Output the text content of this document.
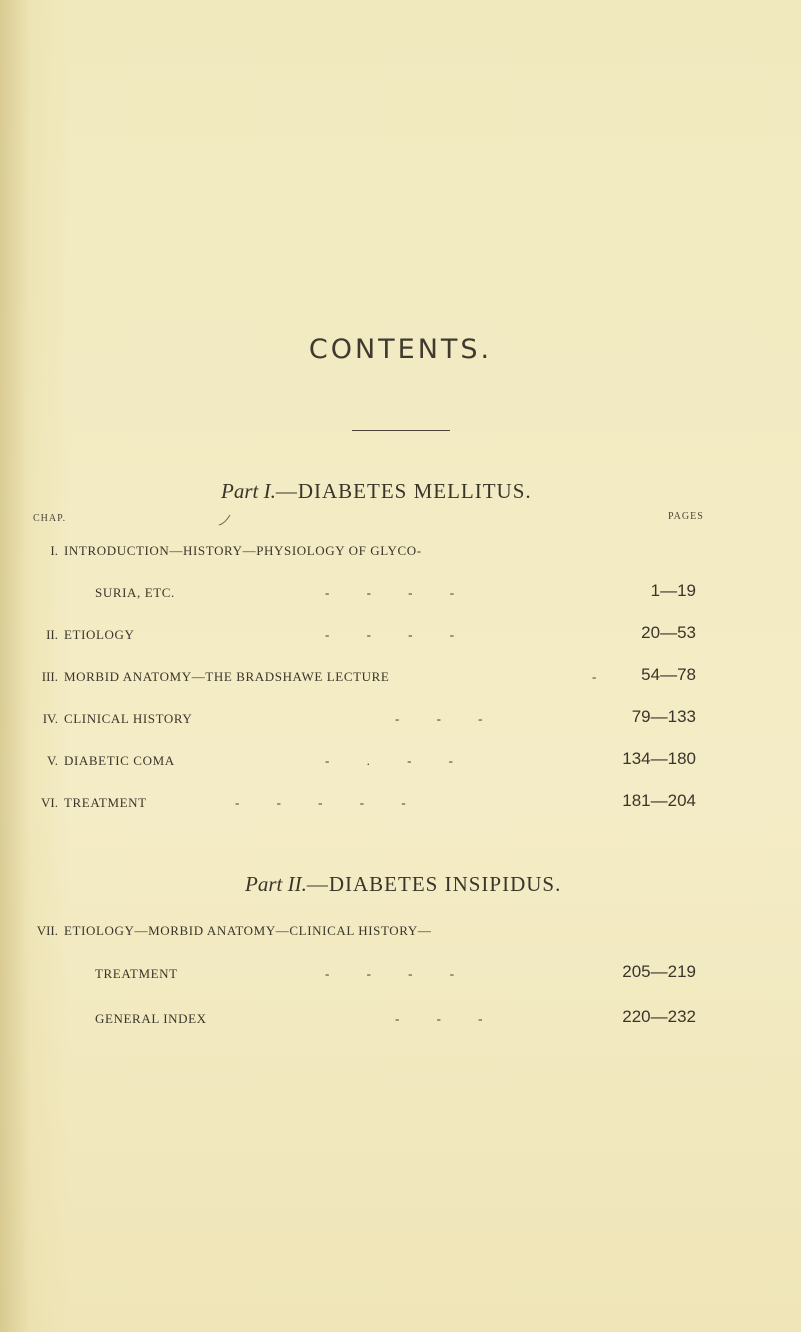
CONTENTS.
Part I.—DIABETES MELLITUS.
CHAP.	PAGES
I. INTRODUCTION—HISTORY—PHYSIOLOGY OF GLYCO-
SURIA, ETC.	- - - -	1—19
II. ETIOLOGY	- - - -	20—53
III. MORBID ANATOMY—THE BRADSHAWE LECTURE	-	54—78
IV. CLINICAL HISTORY	- - -	79—133
V. DIABETIC COMA	- . - -	134—180
VI. TREATMENT	- - - - -	181—204
Part II.—DIABETES INSIPIDUS.
VII. ETIOLOGY—MORBID ANATOMY—CLINICAL HISTORY—
TREATMENT	- - - -	205—219
GENERAL INDEX	- - -	220—232
